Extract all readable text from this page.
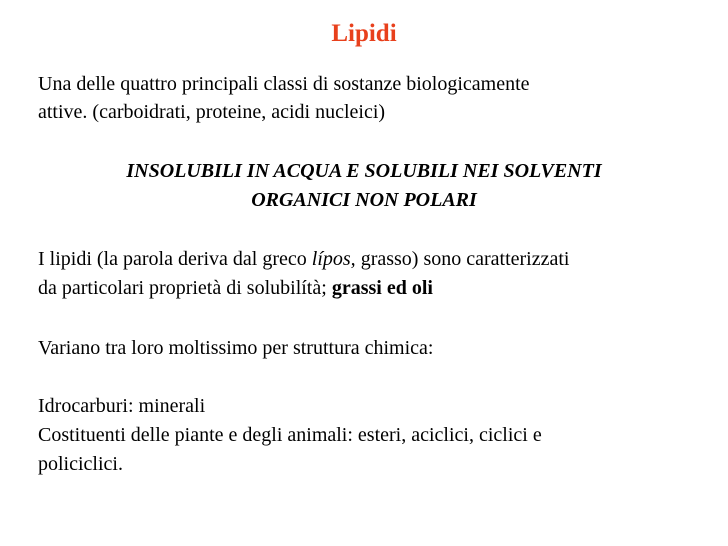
Lipidi
Una delle quattro principali classi di sostanze biologicamente
attive. (carboidrati, proteine, acidi nucleici)
INSOLUBILI IN ACQUA E SOLUBILI NEI SOLVENTI
ORGANICI NON POLARI
I lipidi (la parola deriva dal greco lípos, grasso) sono caratterizzati
da particolari proprietà di solubilítà; grassi ed oli
Variano tra loro moltissimo per struttura chimica:
Idrocarburi: minerali
Costituenti delle piante e degli animali: esteri, aciclici, ciclici e
policiclici.
